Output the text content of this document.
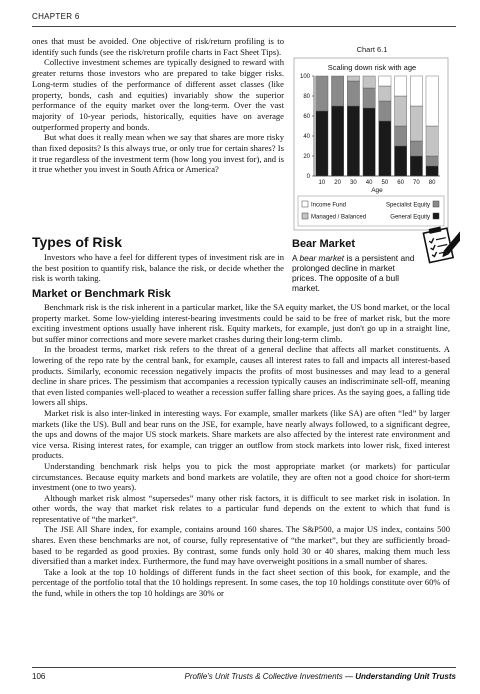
CHAPTER 6

ones that must be avoided. One objective of risk/return profiling is to identify such funds (see the risk/return profile charts in Fact Sheet Tips).

Collective investment schemes are typically designed to reward with greater returns those investors who are prepared to take bigger risks. Long-term studies of the performance of different asset classes (like property, bonds, cash and equities) invariably show the superior performance of the equity market over the long-term. Over the vast majority of 10-year periods, historically, equities have on average outperformed property and bonds.

But what does it really mean when we say that shares are more risky than fixed deposits? Is this always true, or only true for certain shares? Is it true regardless of the investment term (how long you invest for), and is it true whether you invest in South Africa or America?

Chart 6.1
Scaling down risk with age
0
20
40
60
80
100
10 20 30 40 50 60 70 80
Age
Income Fund	Specialist Equity
Managed / Balanced	General Equity
Types of Risk

Investors who have a feel for different types of investment risk are in the best position to quantify risk, balance the risk, or decide whether the risk is worth taking.

Market or Benchmark Risk
Bear Market
A bear market is a persistent and prolonged decline in market prices. The opposite of a bull market.

Benchmark risk is the risk inherent in a particular market, like the SA equity market, the US bond market, or the local property market. Some low-yielding interest-bearing investments could be said to be free of market risk, but the more exciting investment options usually have inherent risk. Equity markets, for example, just don't go up in a straight line, but suffer minor corrections and more severe market crashes during their long-term climb.

In the broadest terms, market risk refers to the threat of a general decline that affects all market constituents. A lowering of the repo rate by the central bank, for example, causes all interest rates to fall and impacts all interest-based products. Similarly, economic recession negatively impacts the profits of most businesses and may lead to a general decline in share prices. The pessimism that accompanies a recession typically causes an indiscriminate sell-off, meaning that even listed companies well-placed to weather a recession suffer falling share prices. As the saying goes, a falling tide lowers all ships.

Market risk is also inter-linked in interesting ways. For example, smaller markets (like SA) are often “led” by larger markets (like the US). Bull and bear runs on the JSE, for example, have nearly always followed, to a significant degree, the ups and downs of the major US stock markets. Share markets are also affected by the interest rate environment and vice versa. Rising interest rates, for example, can trigger an outflow from stock markets into lower risk, fixed interest products.

Understanding benchmark risk helps you to pick the most appropriate market (or markets) for particular circumstances. Because equity markets and bond markets are volatile, they are often not a good choice for short-term investment (one to two years).

Although market risk almost “supersedes” many other risk factors, it is difficult to see market risk in isolation. In other words, the way that market risk relates to a particular fund depends on the extent to which that fund is representative of “the market”.

The JSE All Share index, for example, contains around 160 shares. The S&P500, a major US index, contains 500 shares. Even these benchmarks are not, of course, fully representative of “the market”, but they are sufficiently broad-based to be regarded as good proxies. By contrast, some funds only hold 30 or 40 shares, making them much less diversified than a market index. Furthermore, the fund may have overweight positions in a small number of shares.

Take a look at the top 10 holdings of different funds in the fact sheet section of this book, for example, and the percentage of the portfolio total that the 10 holdings represent. In some cases, the top 10 holdings constitute over 60% of the fund, while in others the top 10 holdings are 30% or

106	Profile's Unit Trusts & Collective Investments — Understanding Unit Trusts
